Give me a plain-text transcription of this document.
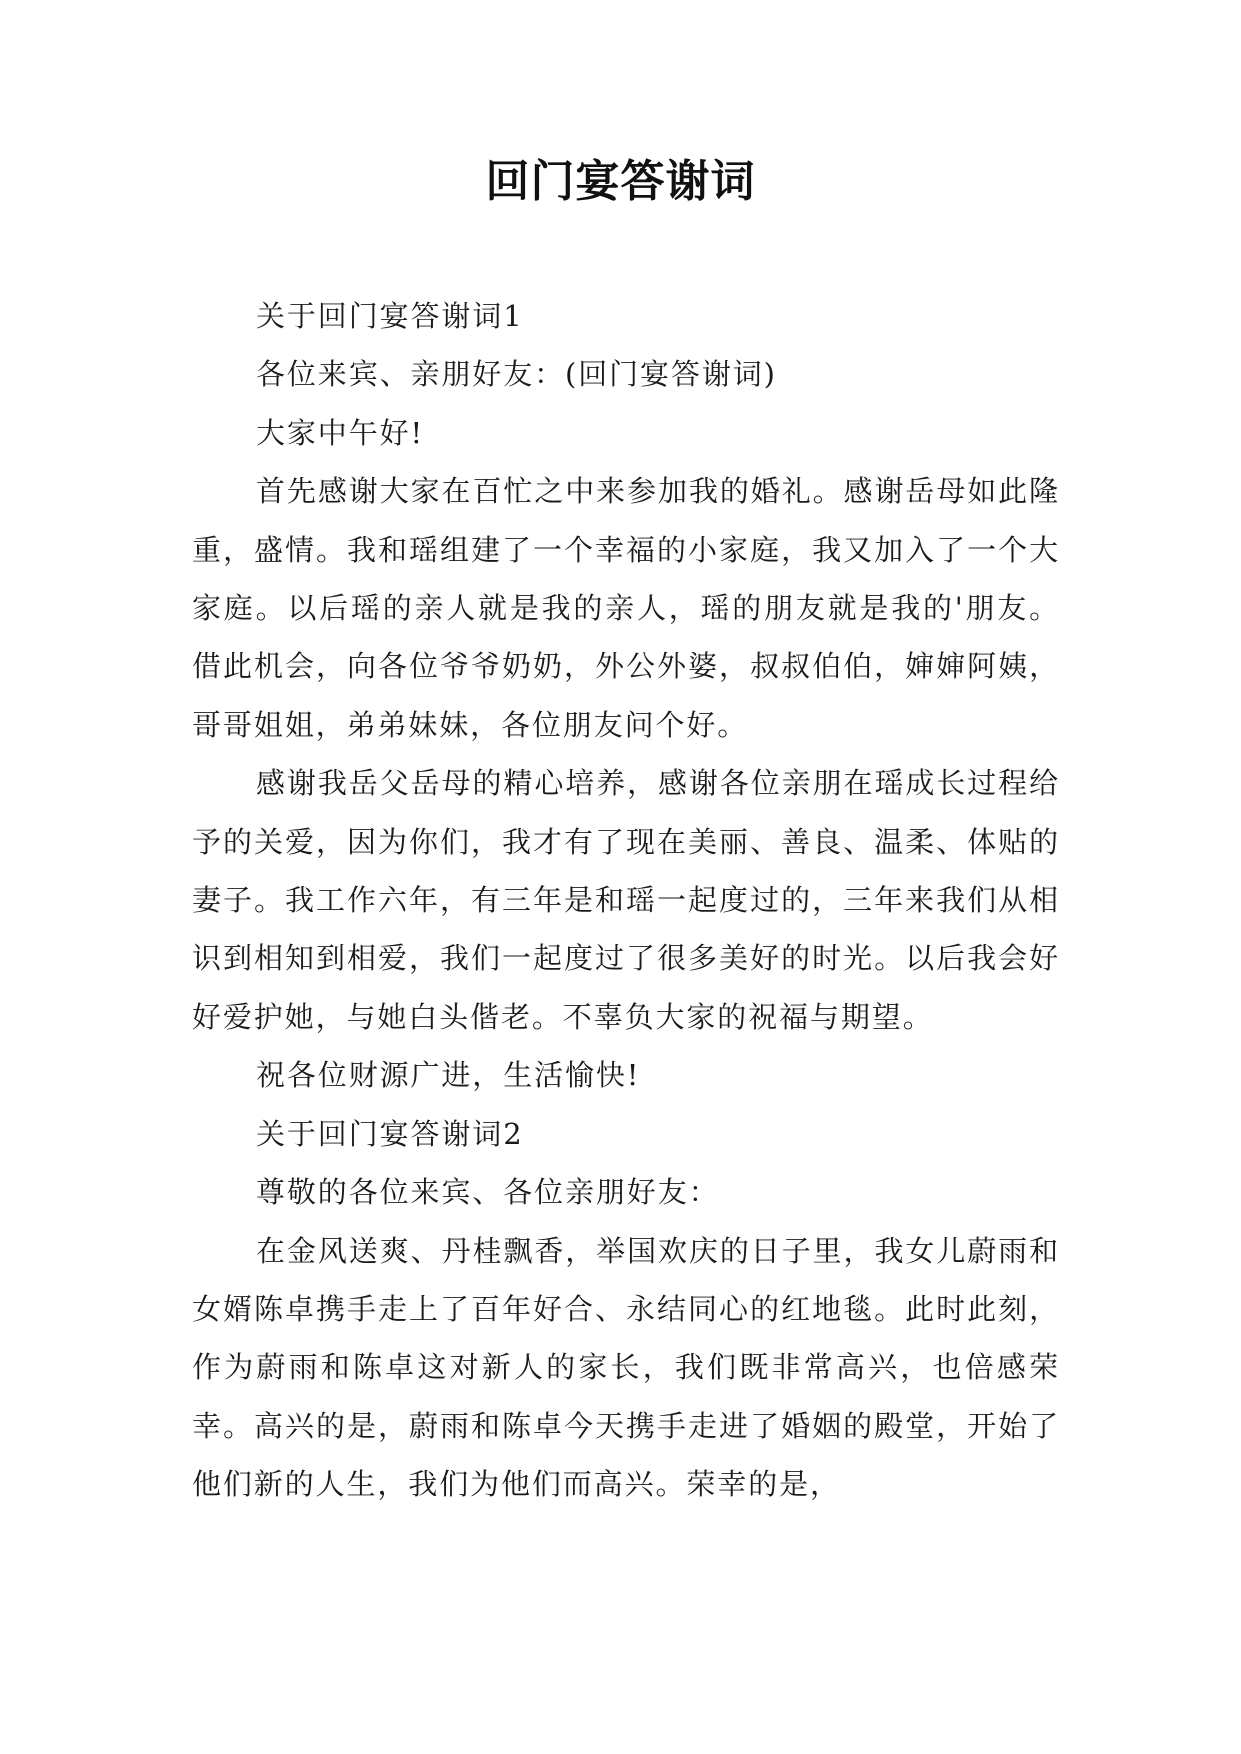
回门宴答谢词

关于回门宴答谢词1

各位来宾、亲朋好友：(回门宴答谢词)

大家中午好!

首先感谢大家在百忙之中来参加我的婚礼。感谢岳母如此隆重，盛情。我和瑶组建了一个幸福的小家庭，我又加入了一个大家庭。以后瑶的亲人就是我的亲人，瑶的朋友就是我的'朋友。借此机会，向各位爷爷奶奶，外公外婆，叔叔伯伯，婶婶阿姨，哥哥姐姐，弟弟妹妹，各位朋友问个好。

感谢我岳父岳母的精心培养，感谢各位亲朋在瑶成长过程给予的关爱，因为你们，我才有了现在美丽、善良、温柔、体贴的妻子。我工作六年，有三年是和瑶一起度过的，三年来我们从相识到相知到相爱，我们一起度过了很多美好的时光。以后我会好好爱护她，与她白头偕老。不辜负大家的祝福与期望。

祝各位财源广进，生活愉快!

关于回门宴答谢词2

尊敬的各位来宾、各位亲朋好友：

在金风送爽、丹桂飘香，举国欢庆的日子里，我女儿蔚雨和女婿陈卓携手走上了百年好合、永结同心的红地毯。此时此刻，作为蔚雨和陈卓这对新人的家长，我们既非常高兴，也倍感荣幸。高兴的是，蔚雨和陈卓今天携手走进了婚姻的殿堂，开始了他们新的人生，我们为他们而高兴。荣幸的是，
